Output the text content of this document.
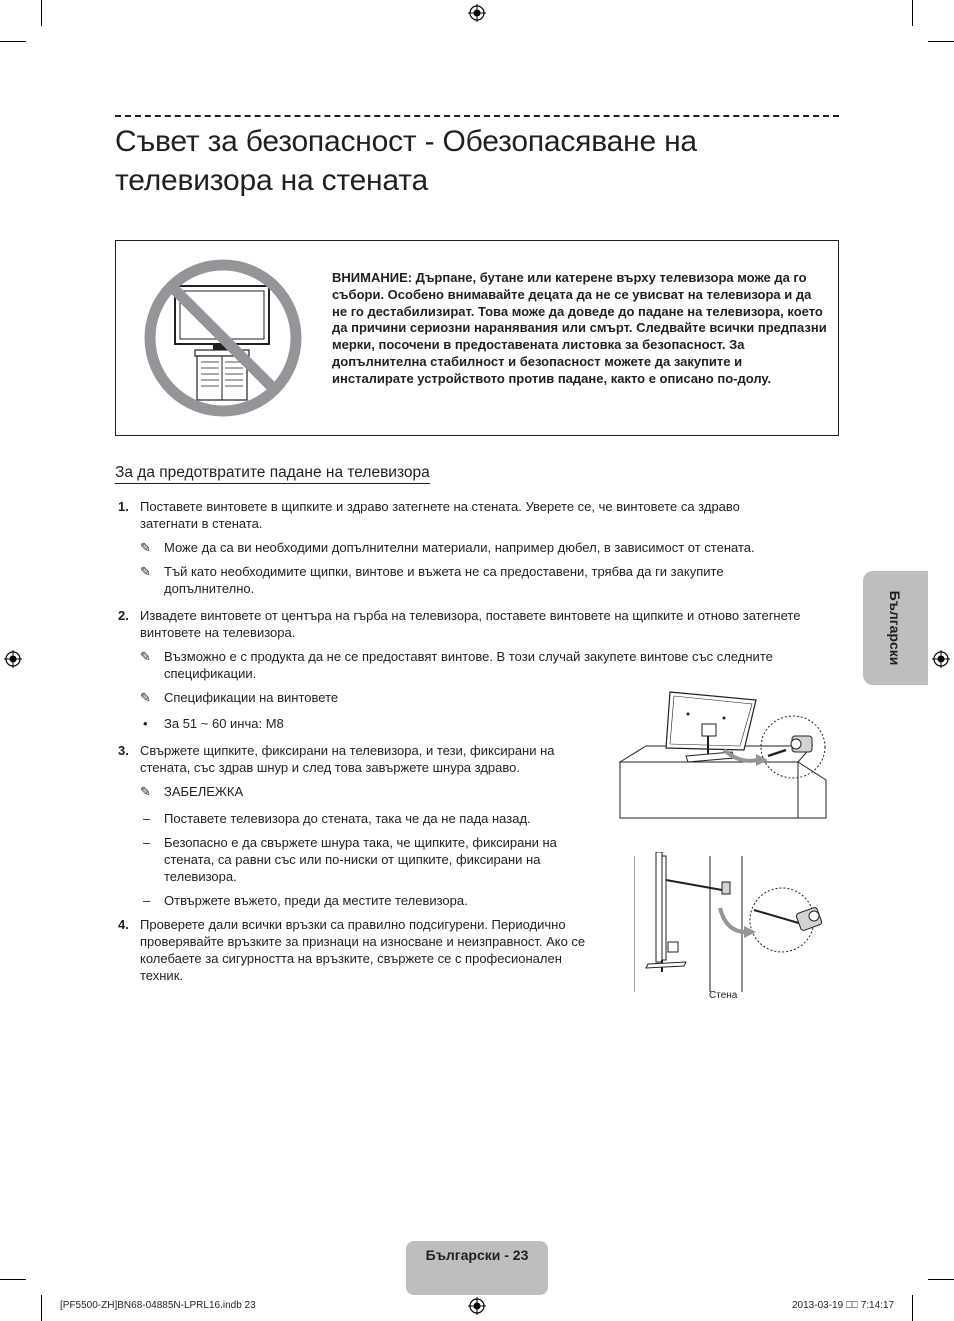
Съвет за безопасност - Обезопасяване на телевизора на стената
ВНИМАНИЕ: Дърпане, бутане или катерене върху телевизора може да го събори. Особено внимавайте децата да не се увисват на телевизора и да не го дестабилизират. Това може да доведе до падане на телевизора, което да причини сериозни наранявания или смърт. Следвайте всички предпазни мерки, посочени в предоставената листовка за безопасност. За допълнителна стабилност и безопасност можете да закупите и инсталирате устройството против падане, както е описано по-долу.
За да предотвратите падане на телевизора
1. Поставете винтовете в щипките и здраво затегнете на стената. Уверете се, че винтовете са здраво затегнати в стената.
✎ Може да са ви необходими допълнителни материали, например дюбел, в зависимост от стената.
✎ Тъй като необходимите щипки, винтове и въжета не са предоставени, трябва да ги закупите допълнително.
2. Извадете винтовете от центъра на гърба на телевизора, поставете винтовете на щипките и отново затегнете винтовете на телевизора.
✎ Възможно е с продукта да не се предоставят винтове. В този случай закупете винтове със следните спецификации.
✎ Спецификации на винтовете
• За 51 ~ 60 инча: M8
3. Свържете щипките, фиксирани на телевизора, и тези, фиксирани на стената, със здрав шнур и след това завържете шнура здраво.
✎ ЗАБЕЛЕЖКА
– Поставете телевизора до стената, така че да не пада назад.
– Безопасно е да свържете шнура така, че щипките, фиксирани на стената, са равни със или по-ниски от щипките, фиксирани на телевизора.
– Отвържете въжето, преди да местите телевизора.
4. Проверете дали всички връзки са правилно подсигурени. Периодично проверявайте връзките за признаци на износване и неизправност. Ако се колебаете за сигурността на връзките, свържете се с професионален техник.
Стена
Български
Български - 23
[PF5500-ZH]BN68-04885N-LPRL16.indb 23	2013-03-19 ⎕⎕ 7:14:17
